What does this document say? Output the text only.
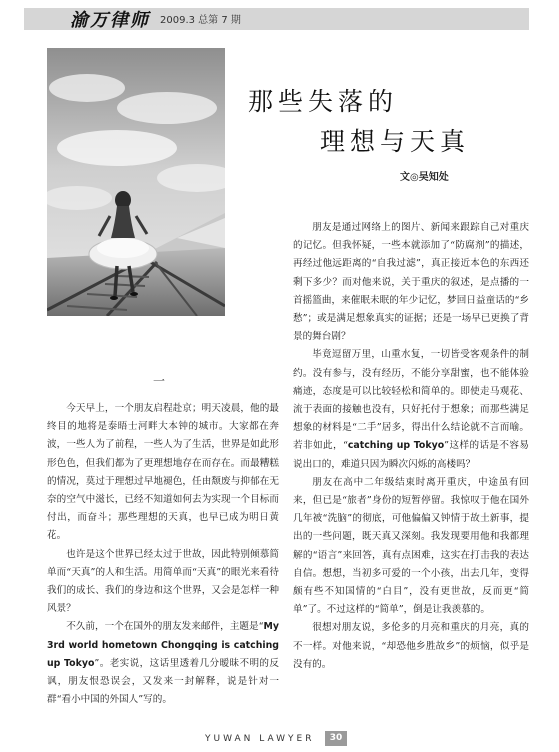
渝万律师 2009.3 总第 7 期
那些失落的
理想与天真
文◎吴知处
一

今天早上，一个朋友启程赴京；明天凌晨，他的最终目的地将是泰晤士河畔大本钟的城市。大家都在奔波，一些人为了前程，一些人为了生活，世界是如此形形色色，但我们都为了更理想地存在而存在。而最糟糕的情况，莫过于理想过早地褪色，任由颓废与抑郁在无奈的空气中滋长，已经不知道如何去为实现一个目标而付出，而奋斗；那些理想的天真，也早已成为明日黄花。

也许是这个世界已经太过于世故，因此特别倾慕简单而“天真”的人和生活。用简单而“天真”的眼光来看待我们的成长、我们的身边和这个世界，又会是怎样一种风景？

不久前，一个在国外的朋友发来邮件，主题是“My 3rd world hometown Chongqing is catching up Tokyo”。老实说，这话里透着几分暧昧不明的反讽，朋友恨恐误会，又发来一封解释，说是针对一群“看小中国的外国人”写的。

朋友是通过网络上的图片、新闻来跟踪自己对重庆的记忆。但我怀疑，一些本就添加了“防腐剂”的描述，再经过他远距离的“自我过滤”，真正接近本色的东西还剩下多少？而对他来说，关于重庆的叙述，是点播的一首摇篮曲，来催眠未眠的年少记忆，梦回日益童话的“乡愁”；或是满足想象真实的证据；还是一场早已更换了背景的舞台剧？

毕竟逗留万里，山重水复，一切皆受客观条件的制约。没有参与，没有经历，不能分享甜蜜，也不能体验痛迹，态度是可以比较轻松和简单的。即使走马观花、流于表面的接触也没有，只好托付于想象；而那些满足想象的材料是“二手”居多，得出什么结论就不言而喻。若非如此，“catching up Tokyo”这样的话是不容易说出口的，难道只因为瞬次闪烁的高楼吗？

朋友在高中二年级结束时离开重庆，中途虽有回来，但已是“旅者”身份的短暂停留。我惊叹于他在国外几年被“洗脑”的彻底，可他偏偏又钟情于故土新事，提出的一些问题，既天真又深刻。我发现要用他和我都理解的“语言”来回答，真有点困难，这实在打击我的表达自信。想想，当初多可爱的一个小孩，出去几年，变得颇有些不知国情的“白目”，没有更世故，反而更“简单”了。不过这样的“简单”，倒是让我羡慕的。

很想对朋友说，多伦多的月亮和重庆的月亮，真的不一样。对他来说，“却恐他乡胜故乡”的烦恼，似乎是没有的。

YUWAN LAWYER	30
